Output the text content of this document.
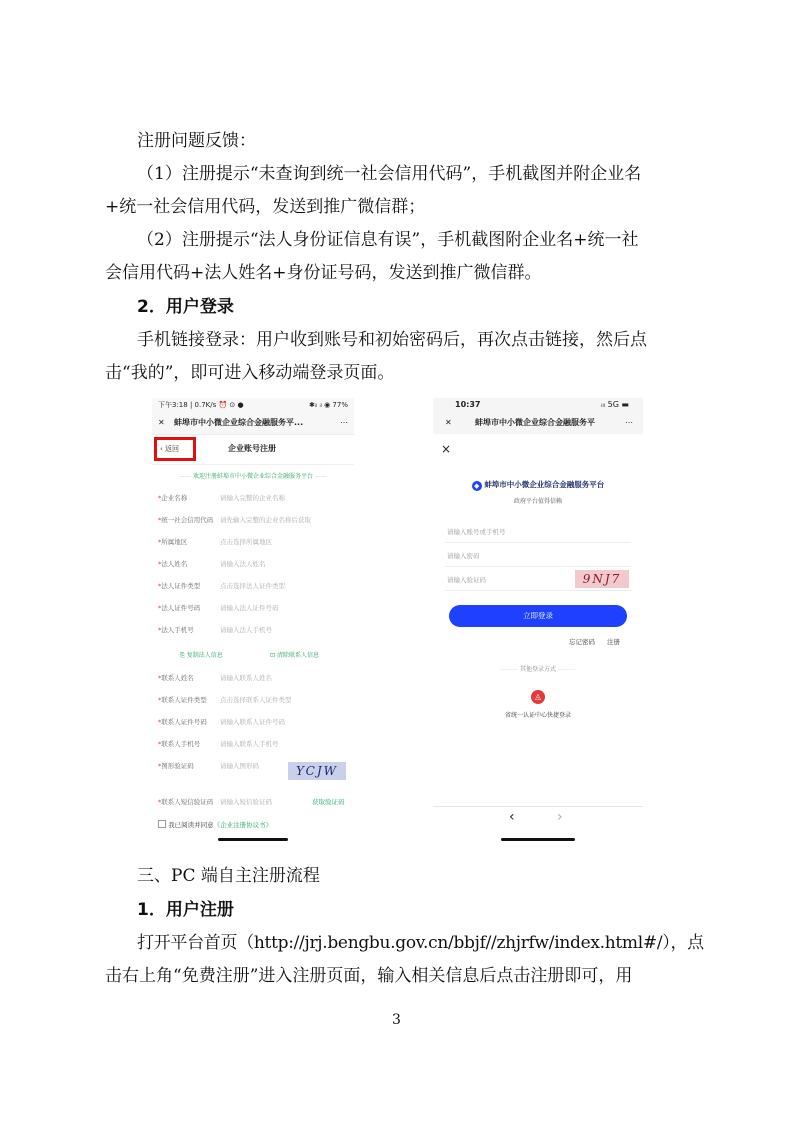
注册问题反馈：
（1）注册提示“未查询到统一社会信用代码”，手机截图并附企业名
+统一社会信用代码，发送到推广微信群；
（2）注册提示“法人身份证信息有误”，手机截图附企业名+统一社
会信用代码+法人姓名+身份证号码，发送到推广微信群。
2．用户登录
手机链接登录：用户收到账号和初始密码后，再次点击链接，然后点
击“我的”，即可进入移动端登录页面。
下午3:18 | 0.7K/s ⏰ ⊙ ●	✱ᵢₗ ᵢₗ ◉ 77%
✕ 蚌埠市中小微企业综合金融服务平...	⋯
‹ 返回	企业账号注册
—— 欢迎注册蚌埠市中小微企业综合金融服务平台 ——
*企业名称	请输入完整的企业名称
*统一社会信用代码 请先输入完整的企业名称后获取
*所属地区	点击选择所属地区
*法人姓名	请输入法人姓名
*法人证件类型	点击选择法人证件类型
*法人证件号码	请输入法人证件号码
*法人手机号	请输入法人手机号
⎘ 复制法人信息	⊡ 清除联系人信息
*联系人姓名	请输入联系人姓名
*联系人证件类型 点击选择联系人证件类型
*联系人证件号码 请输入联系人证件号码
*联系人手机号	请输入联系人手机号
*图形验证码	请输入图形码	YCJW
*联系人短信验证码 请输入短信验证码	获取验证码
我已阅读并同意《企业注册协议书》
10:37	ᵢₗₗ 5G ▬
✕	蚌埠市中小微企业综合金融服务平	⋯
×
◆ 蚌埠市中小微企业综合金融服务平台
政府平台值得信赖
请输入账号或手机号
请输入密码
请输入验证码	9NJ7
立即登录
忘记密码 注册
——— 其他登录方式 ———
◬
省统一认证中心快捷登录
‹	›
三、PC 端自主注册流程
1．用户注册
打开平台首页（http://jrj.bengbu.gov.cn/bbjf//zhjrfw/index.html#/），点
击右上角“免费注册”进入注册页面，输入相关信息后点击注册即可，用
3
